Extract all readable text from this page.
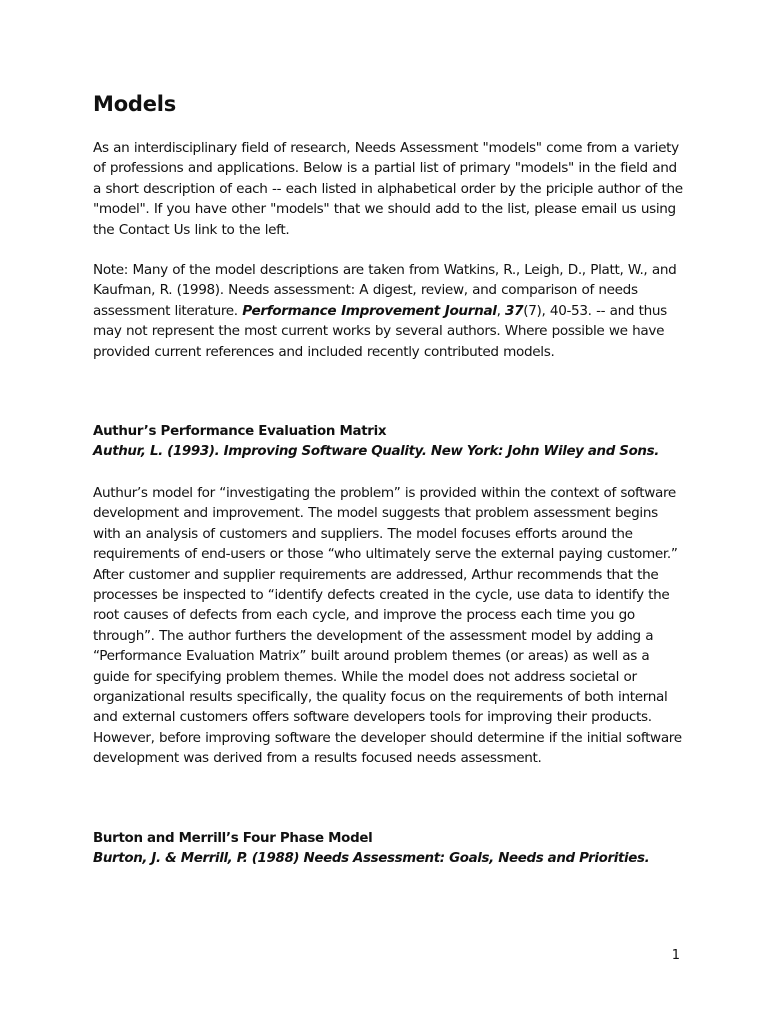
Models

As an interdisciplinary field of research, Needs Assessment "models" come from a variety of professions and applications. Below is a partial list of primary "models" in the field and a short description of each -- each listed in alphabetical order by the priciple author of the "model". If you have other "models" that we should add to the list, please email us using the Contact Us link to the left.

Note: Many of the model descriptions are taken from Watkins, R., Leigh, D., Platt, W., and Kaufman, R. (1998). Needs assessment: A digest, review, and comparison of needs assessment literature. Performance Improvement Journal, 37(7), 40-53. -- and thus may not represent the most current works by several authors. Where possible we have provided current references and included recently contributed models.

Authur’s Performance Evaluation Matrix

Authur, L. (1993). Improving Software Quality. New York: John Wiley and Sons.

Authur’s model for “investigating the problem” is provided within the context of software development and improvement. The model suggests that problem assessment begins with an analysis of customers and suppliers. The model focuses efforts around the requirements of end-users or those “who ultimately serve the external paying customer.” After customer and supplier requirements are addressed, Arthur recommends that the processes be inspected to “identify defects created in the cycle, use data to identify the root causes of defects from each cycle, and improve the process each time you go through”. The author furthers the development of the assessment model by adding a “Performance Evaluation Matrix” built around problem themes (or areas) as well as a guide for specifying problem themes. While the model does not address societal or organizational results specifically, the quality focus on the requirements of both internal and external customers offers software developers tools for improving their products. However, before improving software the developer should determine if the initial software development was derived from a results focused needs assessment.

Burton and Merrill’s Four Phase Model

Burton, J. & Merrill, P. (1988) Needs Assessment: Goals, Needs and Priorities.

1
